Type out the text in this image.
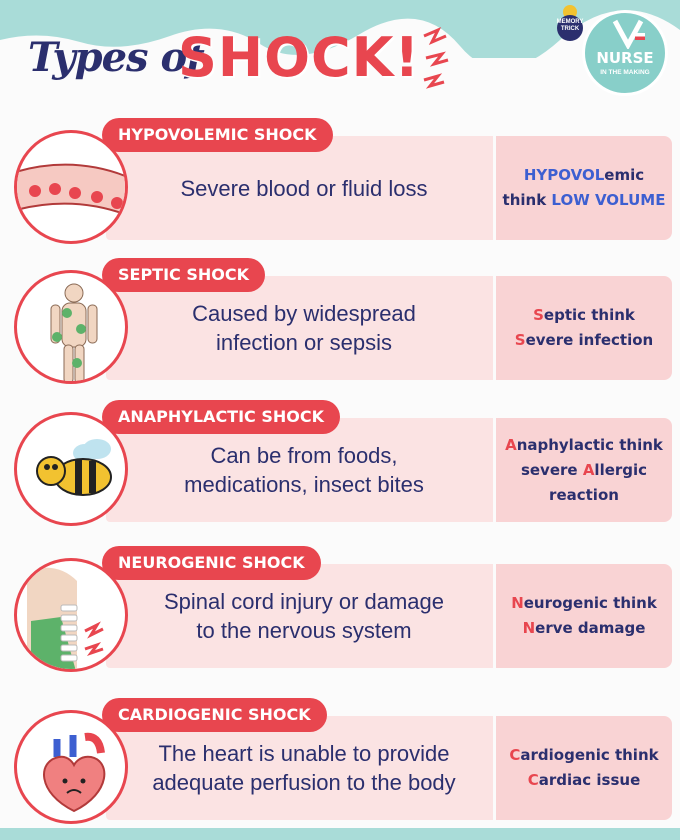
Types of
SHOCK!	NURSE
IN THE MAKING
HYPOVOLemic
think LOW VOLUME
Severe blood or fluid loss
HYPOVOLEMIC SHOCK
Septic think
Severe infection
Caused by widespread
infection or sepsis
SEPTIC SHOCK
Anaphylactic think
severe Allergic
reaction
Can be from foods,
medications, insect bites
ANAPHYLACTIC SHOCK
Neurogenic think
Nerve damage
Spinal cord injury or damage
to the nervous system
NEUROGENIC SHOCK
Cardiogenic think
Cardiac issue
The heart is unable to provide
adequate perfusion to the body
CARDIOGENIC SHOCK
MEMORY
TRICK
